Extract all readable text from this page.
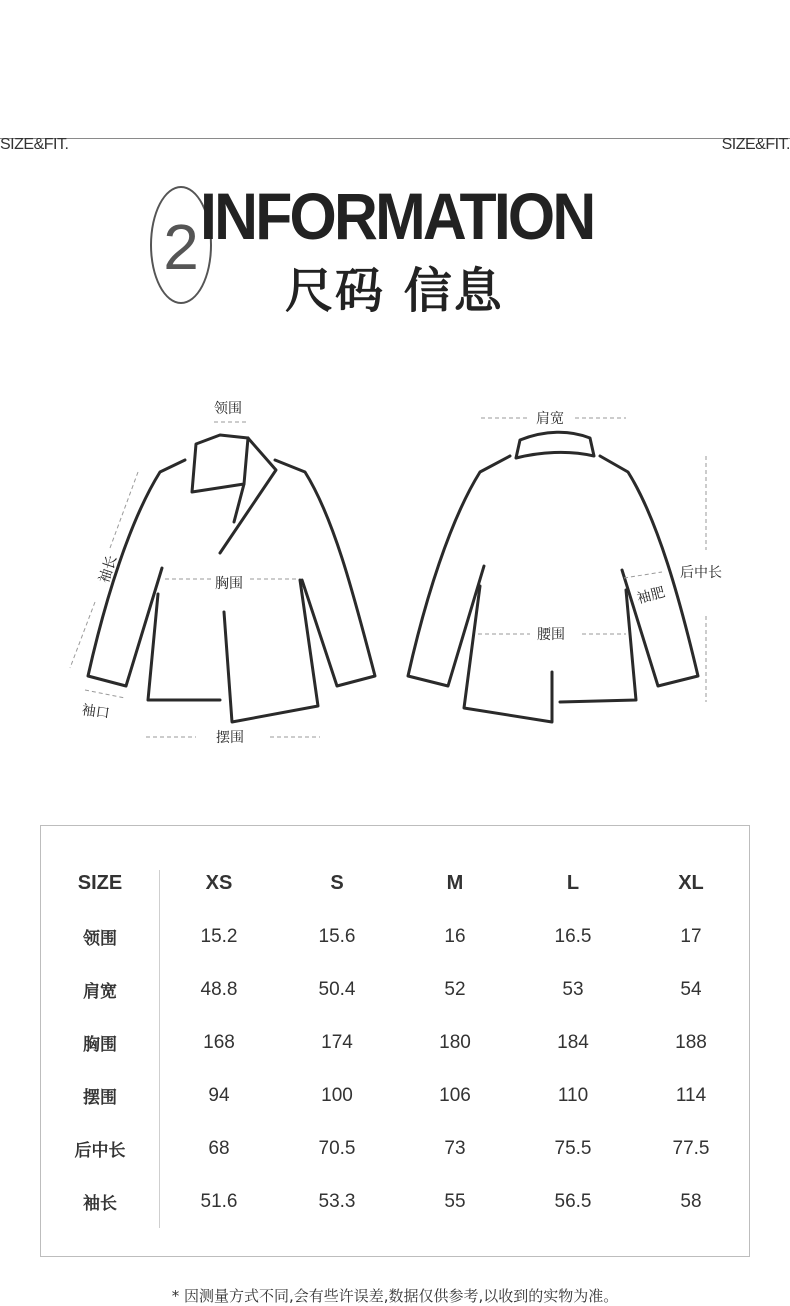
SIZE&FIT.	SIZE&FIT.
2 INFORMATION
尺码 信息
领围
袖长	胸围
袖口
摆围
肩宽
后中长
袖肥
腰围
SIZE	XS	S	M	L	XL
领围	15.2	15.6	16	16.5	17
肩宽	48.8	50.4	52	53	54
胸围	168	174	180	184	188
摆围	94	100	106	110	114
后中长	68	70.5	73	75.5	77.5
袖长	51.6	53.3	55	56.5	58
* 因测量方式不同,会有些许误差,数据仅供参考,以收到的实物为准。
